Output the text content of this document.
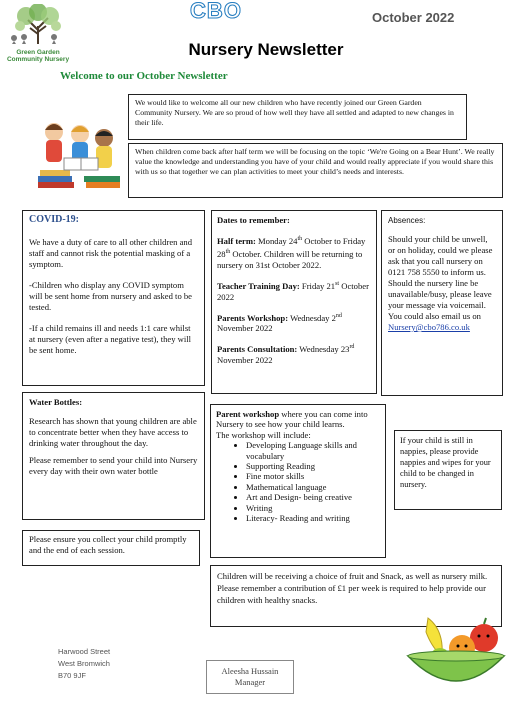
Green Garden Community Nursery
CBO	October 2022
Nursery Newsletter
Welcome to our October Newsletter

We would like to welcome all our new children who have recently joined our Green Garden Community Nursery. We are so proud of how well they have all settled and adapted to new changes in their life.

When children come back after half term we will be focusing on the topic ‘We're Going on a Bear Hunt’. We really value the knowledge and understanding you have of your child and would really appreciate if you would share this with us so that together we can plan activities to meet your child’s needs and interests.

COVID-19:

We have a duty of care to all other children and staff and cannot risk the potential masking of a symptom.

-Children who display any COVID symptom will be sent home from nursery and asked to be tested.

-If a child remains ill and needs 1:1 care whilst at nursery (even after a negative test), they will be sent home.

Dates to remember:

Half term: Monday 24th October to Friday 28th October. Children will be returning to nursery on 31st October 2022.

Teacher Training Day: Friday 21st October 2022

Parents Workshop: Wednesday 2nd November 2022

Parents Consultation: Wednesday 23rd November 2022

Absences:

Should your child be unwell, or on holiday, could we please ask that you call nursery on 0121 758 5550 to inform us. Should the nursery line be unavailable/busy, please leave your message via voicemail. You could also email us on

Nursery@cbo786.co.uk

Water Bottles:

Research has shown that young children are able to concentrate better when they have access to drinking water throughout the day.

Please remember to send your child into Nursery every day with their own water bottle

Please ensure you collect your child promptly and the end of each session.

Parent workshop where you can come into Nursery to see how your child learns.

The workshop will include:

• Developing Language skills and vocabulary
• Supporting Reading
• Fine motor skills
• Mathematical language
• Art and Design- being creative
• Writing
• Literacy- Reading and writing

If your child is still in nappies, please provide nappies and wipes for your child to be changed in nursery.

Children will be receiving a choice of fruit and Snack, as well as nursery milk. Please remember a contribution of £1 per week is required to help provide our children with healthy snacks.

Harwood Street
West Bromwich
B70 9JF	Aleesha Hussain
Manager
